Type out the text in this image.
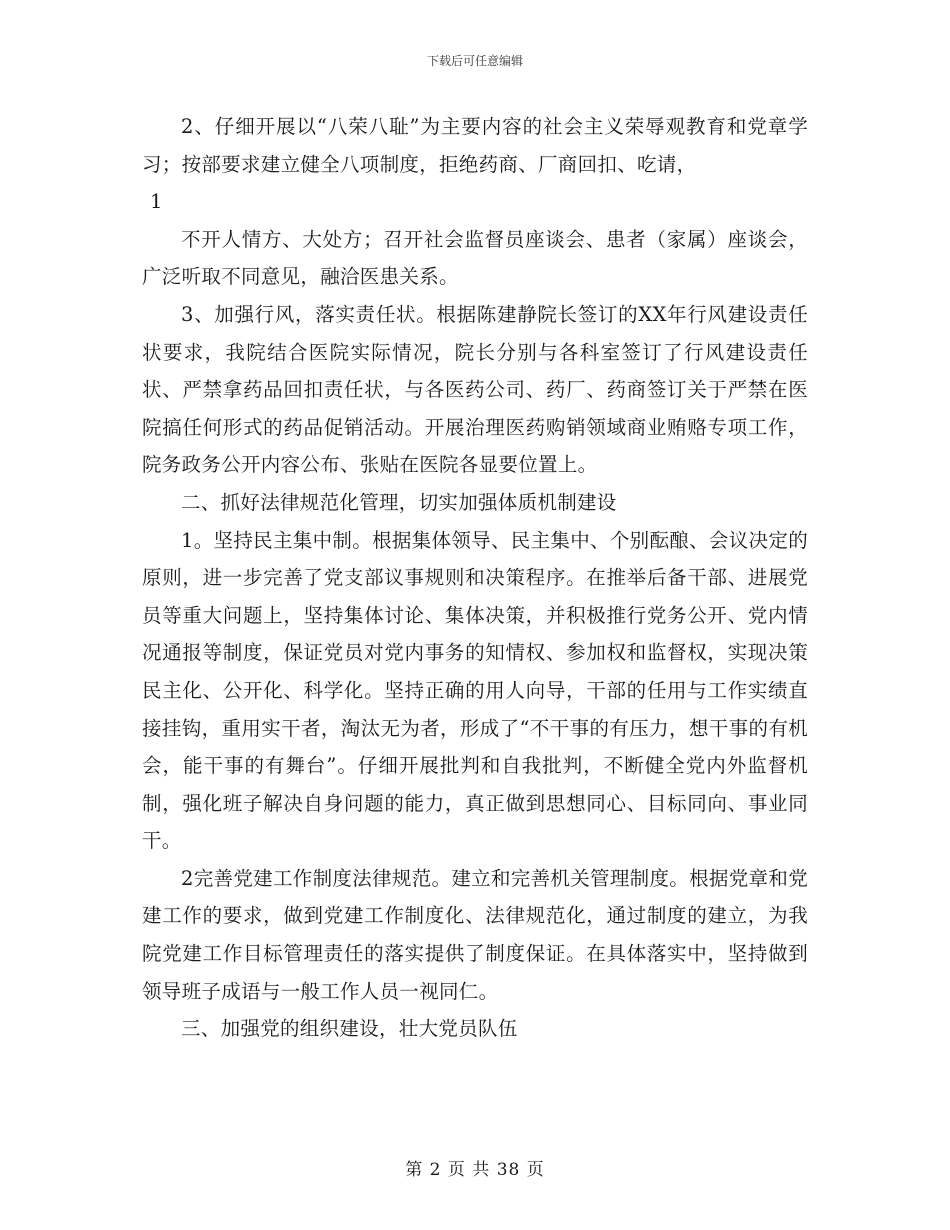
下载后可任意编辑

2、仔细开展以“八荣八耻”为主要内容的社会主义荣辱观教育和党章学习；按部要求建立健全八项制度，拒绝药商、厂商回扣、吃请，

1

不开人情方、大处方；召开社会监督员座谈会、患者（家属）座谈会，广泛听取不同意见，融洽医患关系。

3、加强行风，落实责任状。根据陈建静院长签订的XX年行风建设责任状要求，我院结合医院实际情况，院长分别与各科室签订了行风建设责任状、严禁拿药品回扣责任状，与各医药公司、药厂、药商签订关于严禁在医院搞任何形式的药品促销活动。开展治理医药购销领域商业贿赂专项工作，院务政务公开内容公布、张贴在医院各显要位置上。

二、抓好法律规范化管理，切实加强体质机制建设

1。坚持民主集中制。根据集体领导、民主集中、个别酝酿、会议决定的原则，进一步完善了党支部议事规则和决策程序。在推举后备干部、进展党员等重大问题上，坚持集体讨论、集体决策，并积极推行党务公开、党内情况通报等制度，保证党员对党内事务的知情权、参加权和监督权，实现决策民主化、公开化、科学化。坚持正确的用人向导，干部的任用与工作实绩直接挂钩，重用实干者，淘汰无为者，形成了“不干事的有压力，想干事的有机会，能干事的有舞台”。仔细开展批判和自我批判，不断健全党内外监督机制，强化班子解决自身问题的能力，真正做到思想同心、目标同向、事业同干。

2完善党建工作制度法律规范。建立和完善机关管理制度。根据党章和党建工作的要求，做到党建工作制度化、法律规范化，通过制度的建立，为我院党建工作目标管理责任的落实提供了制度保证。在具体落实中，坚持做到领导班子成语与一般工作人员一视同仁。

三、加强党的组织建设，壮大党员队伍

第 2 页 共 38 页
